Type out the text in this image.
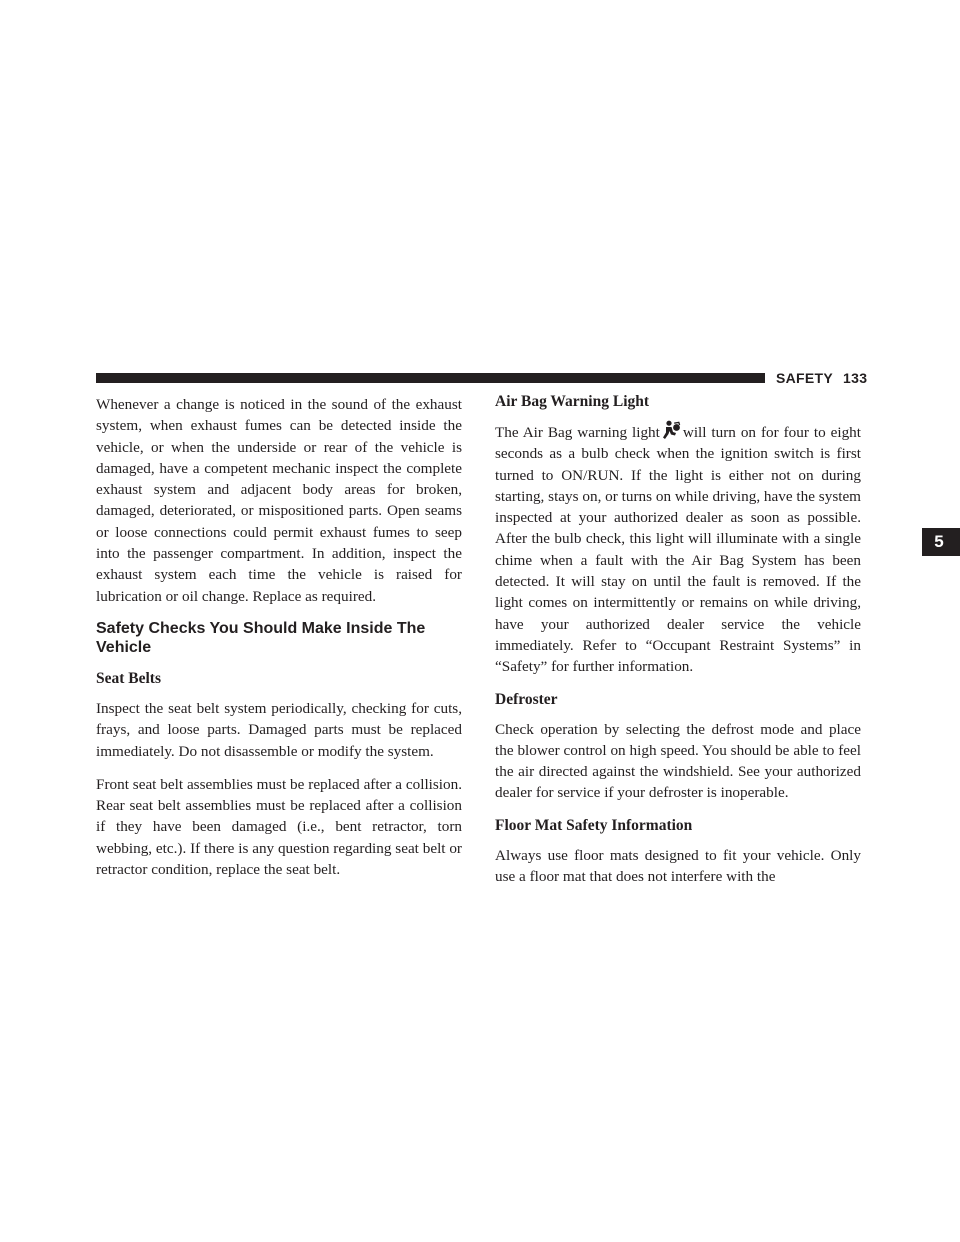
SAFETY 133
5

Whenever a change is noticed in the sound of the exhaust system, when exhaust fumes can be detected inside the vehicle, or when the underside or rear of the vehicle is damaged, have a competent mechanic inspect the complete exhaust system and adjacent body areas for broken, damaged, deteriorated, or mispositioned parts. Open seams or loose connections could permit exhaust fumes to seep into the passenger compartment. In addition, inspect the exhaust system each time the vehicle is raised for lubrication or oil change. Replace as required.

Safety Checks You Should Make Inside The Vehicle
Seat Belts

Inspect the seat belt system periodically, checking for cuts, frays, and loose parts. Damaged parts must be replaced immediately. Do not disassemble or modify the system.

Front seat belt assemblies must be replaced after a collision. Rear seat belt assemblies must be replaced after a collision if they have been damaged (i.e., bent retractor, torn webbing, etc.). If there is any question regarding seat belt or retractor condition, replace the seat belt.

Air Bag Warning Light

The Air Bag warning light will turn on for four to eight seconds as a bulb check when the ignition switch is first turned to ON/RUN. If the light is either not on during starting, stays on, or turns on while driving, have the system inspected at your authorized dealer as soon as possible. After the bulb check, this light will illuminate with a single chime when a fault with the Air Bag System has been detected. It will stay on until the fault is removed. If the light comes on intermittently or remains on while driving, have your authorized dealer service the vehicle immediately. Refer to “Occupant Restraint Systems” in “Safety” for further information.

Defroster

Check operation by selecting the defrost mode and place the blower control on high speed. You should be able to feel the air directed against the windshield. See your authorized dealer for service if your defroster is inoperable.

Floor Mat Safety Information

Always use floor mats designed to fit your vehicle. Only use a floor mat that does not interfere with the
